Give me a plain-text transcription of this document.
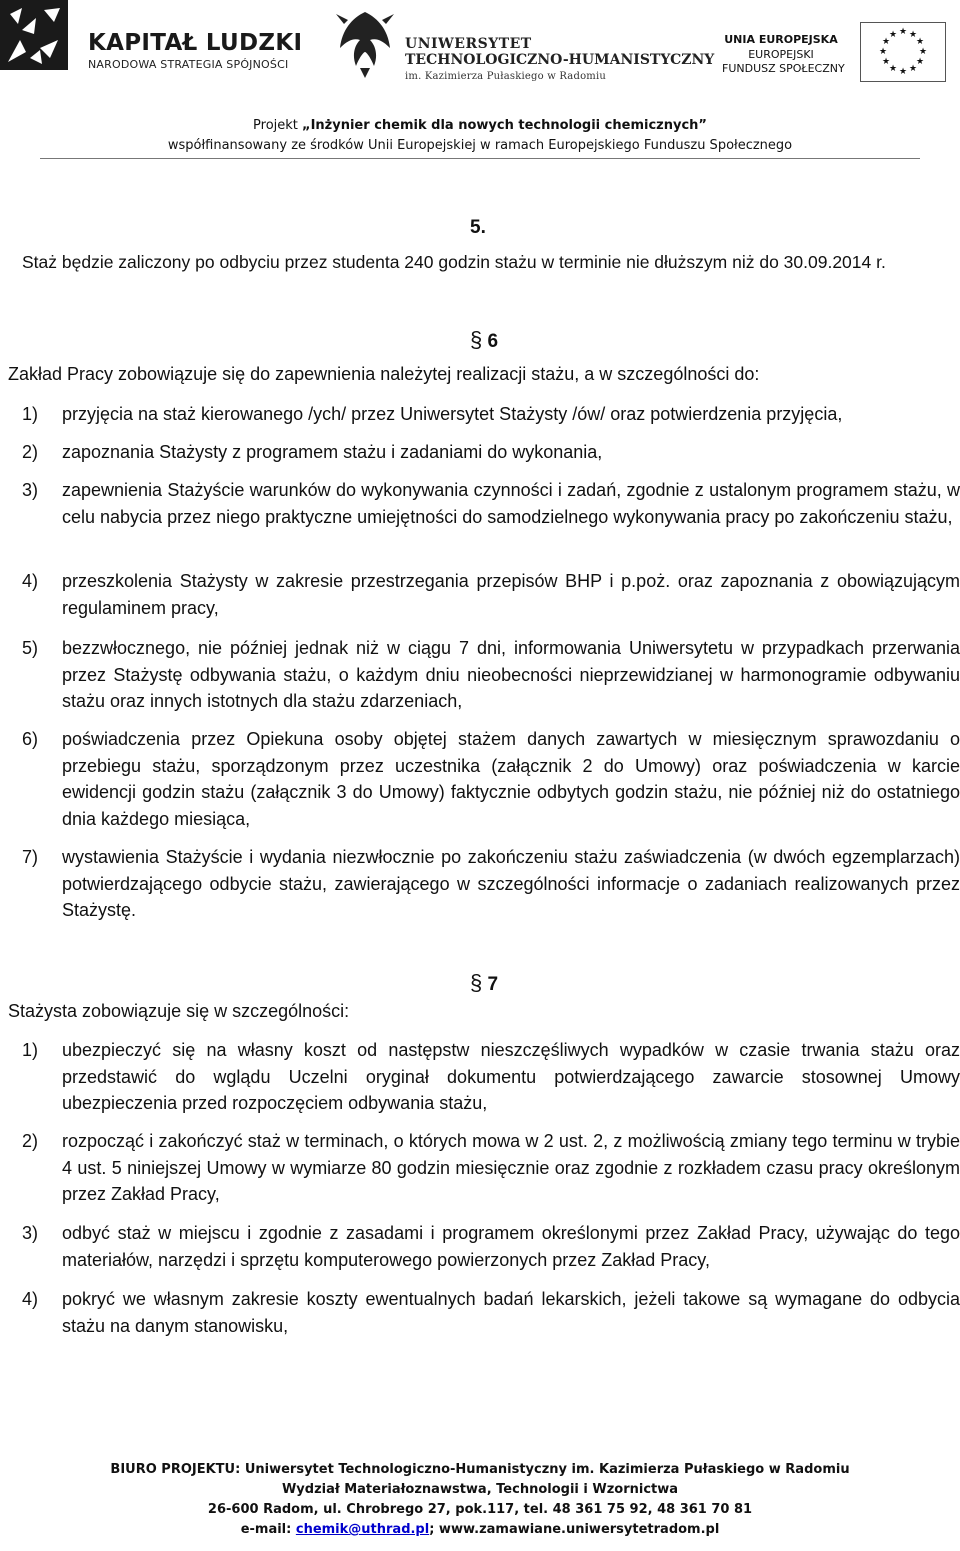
KAPITAŁ LUDZKI
NARODOWA STRATEGIA SPÓJNOŚCI
UNIWERSYTET
TECHNOLOGICZNO-HUMANISTYCZNY
im. Kazimierza Pułaskiego w Radomiu
UNIA EUROPEJSKA
EUROPEJSKI
FUNDUSZ SPOŁECZNY
★ ★
★
★
★
★
★
★
★
★
★
★
Projekt „Inżynier chemik dla nowych technologii chemicznych”
współfinansowany ze środków Unii Europejskiej w ramach Europejskiego Funduszu Społecznego
5.
Staż będzie zaliczony po odbyciu przez studenta 240 godzin stażu w terminie nie dłuższym niż do 30.09.2014 r.
§ 6
Zakład Pracy zobowiązuje się do zapewnienia należytej realizacji stażu, a w szczególności do:
1) przyjęcia na staż kierowanego /ych/ przez Uniwersytet Stażysty /ów/ oraz potwierdzenia przyjęcia,
2) zapoznania Stażysty z programem stażu i zadaniami do wykonania,
3) zapewnienia Stażyście warunków do wykonywania czynności i zadań, zgodnie z ustalonym programem stażu, w celu nabycia przez niego praktyczne umiejętności do samodzielnego wykonywania pracy po zakończeniu stażu,
4) przeszkolenia Stażysty w zakresie przestrzegania przepisów BHP i p.poż. oraz zapoznania z obowiązującym regulaminem pracy,
5) bezzwłocznego, nie później jednak niż w ciągu 7 dni, informowania Uniwersytetu w przypadkach przerwania przez Stażystę odbywania stażu, o każdym dniu nieobecności nieprzewidzianej w harmonogramie odbywaniu stażu oraz innych istotnych dla stażu zdarzeniach,
6) poświadczenia przez Opiekuna osoby objętej stażem danych zawartych w miesięcznym sprawozdaniu o przebiegu stażu, sporządzonym przez uczestnika (załącznik 2 do Umowy) oraz poświadczenia w karcie ewidencji godzin stażu (załącznik 3 do Umowy) faktycznie odbytych godzin stażu, nie później niż do ostatniego dnia każdego miesiąca,
7) wystawienia Stażyście i wydania niezwłocznie po zakończeniu stażu zaświadczenia (w dwóch egzemplarzach) potwierdzającego odbycie stażu, zawierającego w szczególności informacje o zadaniach realizowanych przez Stażystę.
§ 7
Stażysta zobowiązuje się w szczególności:
1) ubezpieczyć się na własny koszt od następstw nieszczęśliwych wypadków w czasie trwania stażu oraz przedstawić do wglądu Uczelni oryginał dokumentu potwierdzającego zawarcie stosownej Umowy ubezpieczenia przed rozpoczęciem odbywania stażu,
2) rozpocząć i zakończyć staż w terminach, o których mowa w 2 ust. 2, z możliwością zmiany tego terminu w trybie 4 ust. 5 niniejszej Umowy w wymiarze 80 godzin miesięcznie oraz zgodnie z rozkładem czasu pracy określonym przez Zakład Pracy,
3) odbyć staż w miejscu i zgodnie z zasadami i programem określonymi przez Zakład Pracy, używając do tego materiałów, narzędzi i sprzętu komputerowego powierzonych przez Zakład Pracy,
4) pokryć we własnym zakresie koszty ewentualnych badań lekarskich, jeżeli takowe są wymagane do odbycia stażu na danym stanowisku,
BIURO PROJEKTU: Uniwersytet Technologiczno-Humanistyczny im. Kazimierza Pułaskiego w Radomiu
Wydział Materiałoznawstwa, Technologii i Wzornictwa
26-600 Radom, ul. Chrobrego 27, pok.117, tel. 48 361 75 92, 48 361 70 81
e-mail: chemik@uthrad.pl; www.zamawiane.uniwersytetradom.pl
